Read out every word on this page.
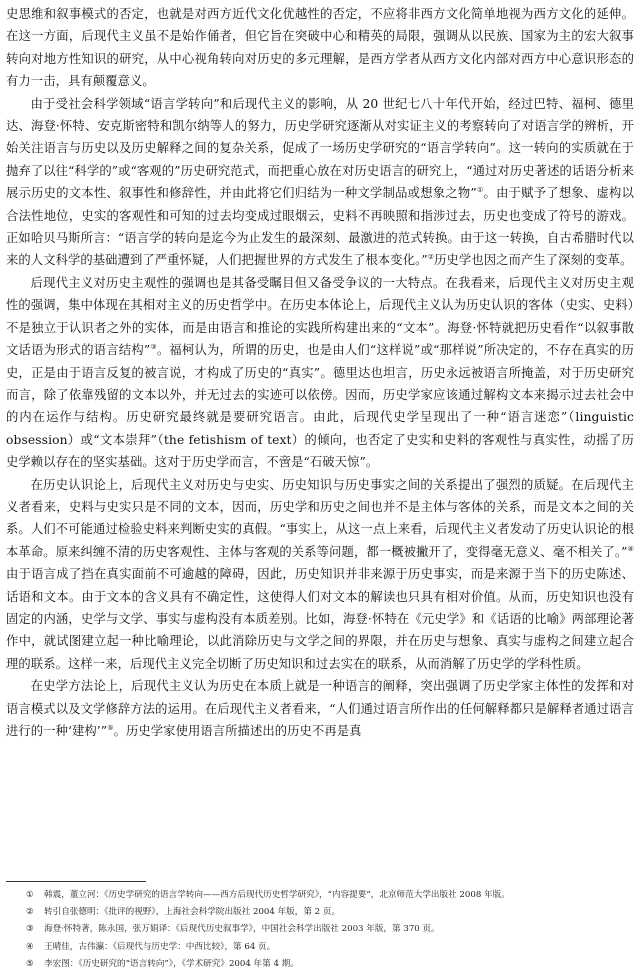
史思维和叙事模式的否定，也就是对西方近代文化优越性的否定，不应将非西方文化简单地视为西方文化的延伸。在这一方面，后现代主义虽不是始作俑者，但它旨在突破中心和精英的局限，强调从以民族、国家为主的宏大叙事转向对地方性知识的研究，从中心视角转向对历史的多元理解，是西方学者从西方文化内部对西方中心意识形态的有力一击，具有颠覆意义。

由于受社会科学领域“语言学转向”和后现代主义的影响，从 20 世纪七八十年代开始，经过巴特、福柯、德里达、海登·怀特、安克斯密特和凯尔纳等人的努力，历史学研究逐渐从对实证主义的考察转向了对语言学的辨析，开始关注语言与历史以及历史解释之间的复杂关系，促成了一场历史学研究的“语言学转向”。这一转向的实质就在于抛弃了以往“科学的”或“客观的”历史研究范式，而把重心放在对历史语言的研究上，“通过对历史著述的话语分析来展示历史的文本性、叙事性和修辞性，并由此将它们归结为一种文学制品或想象之物”①。由于赋予了想象、虚构以合法性地位，史实的客观性和可知的过去均变成过眼烟云，史料不再映照和指涉过去，历史也变成了符号的游戏。正如哈贝马斯所言：“语言学的转向是迄今为止发生的最深刻、最激进的范式转换。由于这一转换，自古希腊时代以来的人文科学的基础遭到了严重怀疑，人们把握世界的方式发生了根本变化。”②历史学也因之而产生了深刻的变革。

后现代主义对历史主观性的强调也是其备受瞩目但又备受争议的一大特点。在我看来，后现代主义对历史主观性的强调，集中体现在其相对主义的历史哲学中。在历史本体论上，后现代主义认为历史认识的客体（史实、史料）不是独立于认识者之外的实体，而是由语言和推论的实践所构建出来的“文本”。海登·怀特就把历史看作“以叙事散文话语为形式的语言结构”③。福柯认为，所谓的历史，也是由人们“这样说”或“那样说”所决定的，不存在真实的历史，正是由于语言反复的被言说，才构成了历史的“真实”。德里达也坦言，历史永远被语言所掩盖，对于历史研究而言，除了依靠残留的文本以外，并无过去的实迹可以依傍。因而，历史学家应该通过解构文本来揭示过去社会中的内在运作与结构。历史研究最终就是要研究语言。由此，后现代史学呈现出了一种“语言迷恋”（linguistic obsession）或“文本崇拜”（the fetishism of text）的倾向，也否定了史实和史料的客观性与真实性，动摇了历史学赖以存在的坚实基础。这对于历史学而言，不啻是“石破天惊”。

在历史认识论上，后现代主义对历史与史实、历史知识与历史事实之间的关系提出了强烈的质疑。在后现代主义者看来，史料与史实只是不同的文本，因而，历史学和历史之间也并不是主体与客体的关系，而是文本之间的关系。人们不可能通过检验史料来判断史实的真假。“事实上，从这一点上来看，后现代主义者发动了历史认识论的根本革命。原来纠缠不清的历史客观性、主体与客观的关系等问题，都一概被撇开了，变得毫无意义、毫不相关了。”④由于语言成了挡在真实面前不可逾越的障碍，因此，历史知识并非来源于历史事实，而是来源于当下的历史陈述、话语和文本。由于文本的含义具有不确定性，这使得人们对文本的解读也只具有相对价值。从而，历史知识也没有固定的内涵，史学与文学、事实与虚构没有本质差别。比如，海登·怀特在《元史学》和《话语的比喻》两部理论著作中，就试图建立起一种比喻理论，以此消除历史与文学之间的界限，并在历史与想象、真实与虚构之间建立起合理的联系。这样一来，后现代主义完全切断了历史知识和过去实在的联系，从而消解了历史学的学科性质。

在史学方法论上，后现代主义认为历史在本质上就是一种语言的阐释，突出强调了历史学家主体性的发挥和对语言模式以及文学修辞方法的运用。在后现代主义者看来，“人们通过语言所作出的任何解释都只是解释者通过语言进行的一种‘建构’”⑤。历史学家使用语言所描述出的历史不再是真

①	韩震，董立河：《历史学研究的语言学转向——西方后现代历史哲学研究》，“内容提要”，北京师范大学出版社 2008 年版。
②	转引自张德明：《批评的视野》，上海社会科学院出版社 2004 年版，第 2 页。
③	海登·怀特著，陈永国，张万娟译：《后现代历史叙事学》，中国社会科学出版社 2003 年版，第 370 页。
④	王晴佳，古伟瀛：《后现代与历史学：中西比较》，第 64 页。
⑤	李宏图：《历史研究的“语言转向”》，《学术研究》2004 年第 4 期。
